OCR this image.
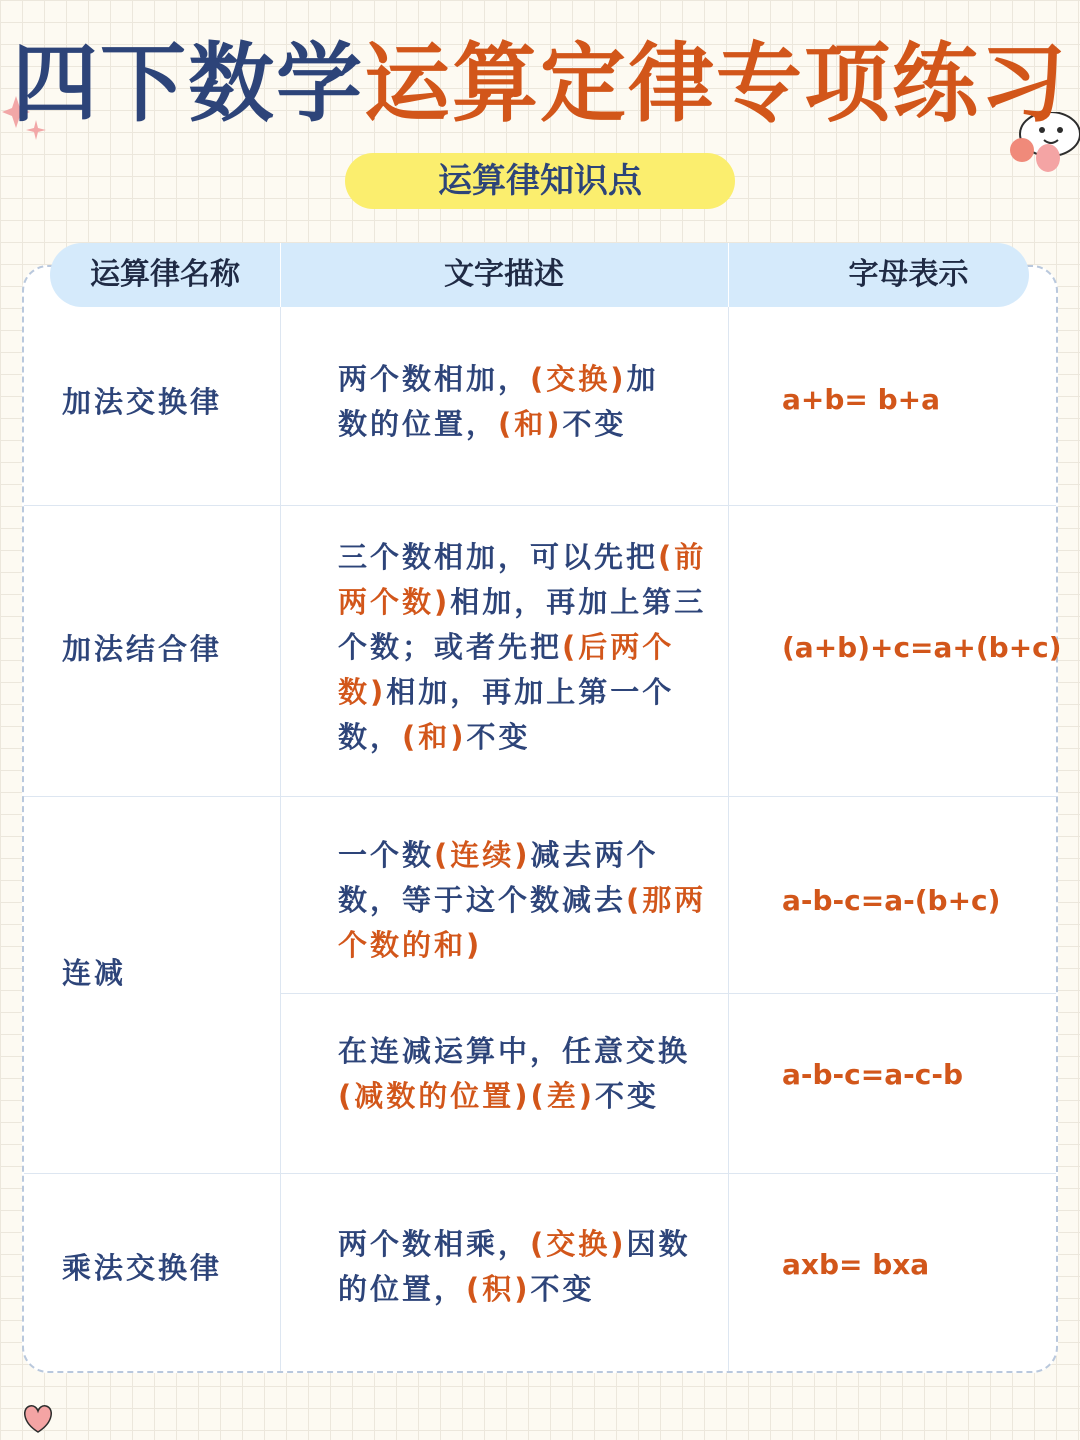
四下数学运算定律专项练习
运算律知识点
运算律名称	文字描述	字母表示
加法交换律
两个数相加，(交换)加
数的位置，(和)不变
a+b= b+a
加法结合律
三个数相加，可以先把(前两个数)相加，再加上第三个数；或者先把(后两个数)相加，再加上第一个数，(和)不变
(a+b)+c=a+(b+c)
连减
一个数(连续)减去两个数，等于这个数减去(那两个数的和)
a-b-c=a-(b+c)
在连减运算中，任意交换(减数的位置)(差)不变
a-b-c=a-c-b
乘法交换律
两个数相乘，(交换)因数的位置，(积)不变
axb= bxa
